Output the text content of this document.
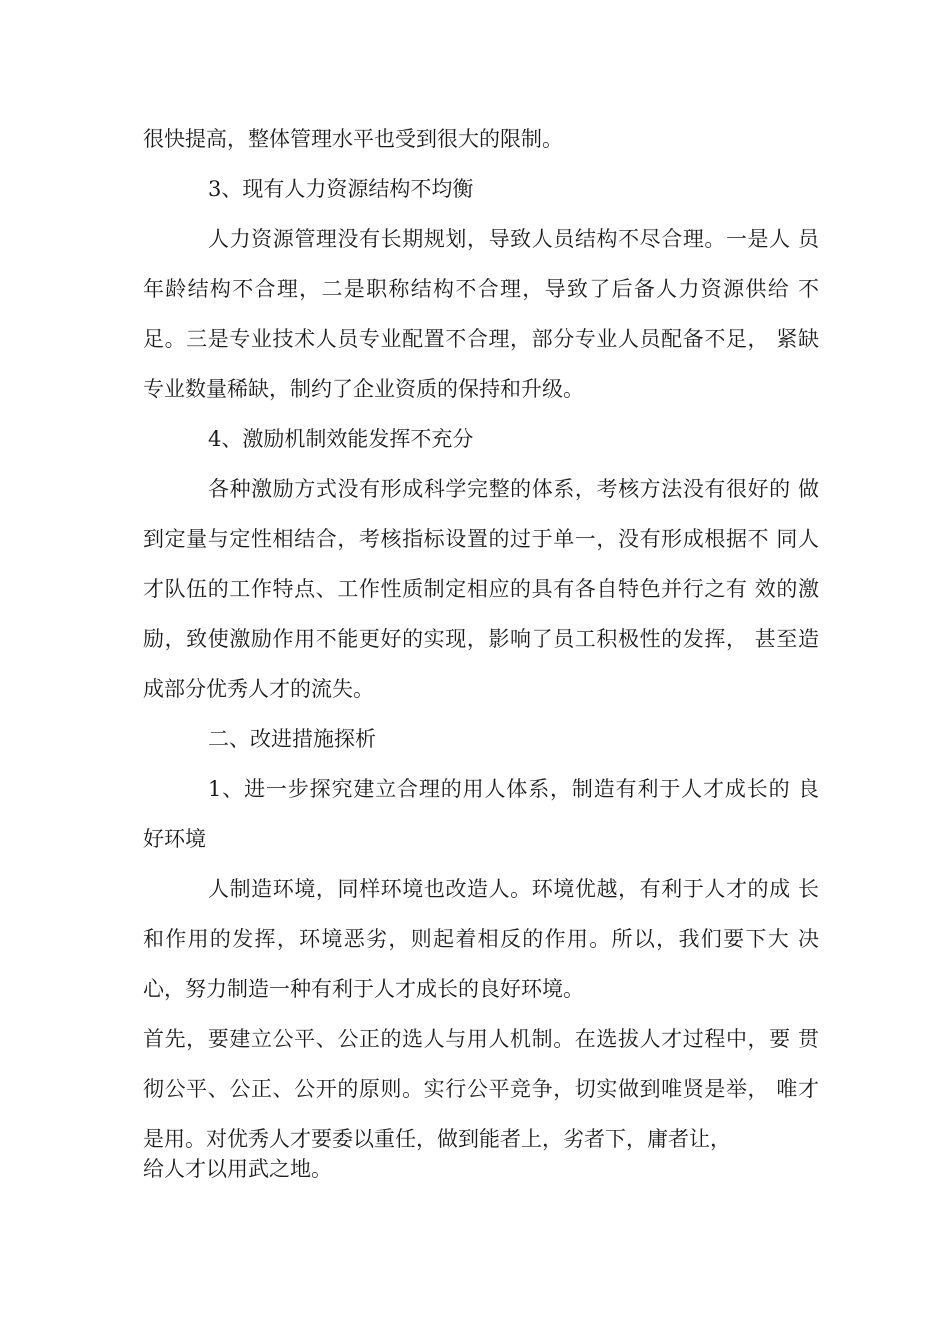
很快提高，整体管理水平也受到很大的限制。
3、现有人力资源结构不均衡
人力资源管理没有长期规划，导致人员结构不尽合理。一是人 员
年龄结构不合理，二是职称结构不合理，导致了后备人力资源供给 不
足。三是专业技术人员专业配置不合理，部分专业人员配备不足， 紧缺
专业数量稀缺，制约了企业资质的保持和升级。
4、激励机制效能发挥不充分
各种激励方式没有形成科学完整的体系，考核方法没有很好的 做
到定量与定性相结合，考核指标设置的过于单一，没有形成根据不 同人
才队伍的工作特点、工作性质制定相应的具有各自特色并行之有 效的激
励，致使激励作用不能更好的实现，影响了员工积极性的发挥， 甚至造
成部分优秀人才的流失。
二、改进措施探析
1、进一步探究建立合理的用人体系，制造有利于人才成长的 良
好环境
人制造环境，同样环境也改造人。环境优越，有利于人才的成 长
和作用的发挥，环境恶劣，则起着相反的作用。所以，我们要下大 决
心，努力制造一种有利于人才成长的良好环境。
首先，要建立公平、公正的选人与用人机制。在选拔人才过程中，要 贯
彻公平、公正、公开的原则。实行公平竞争，切实做到唯贤是举， 唯才
是用。对优秀人才要委以重任，做到能者上，劣者下，庸者让，
给人才以用武之地。
